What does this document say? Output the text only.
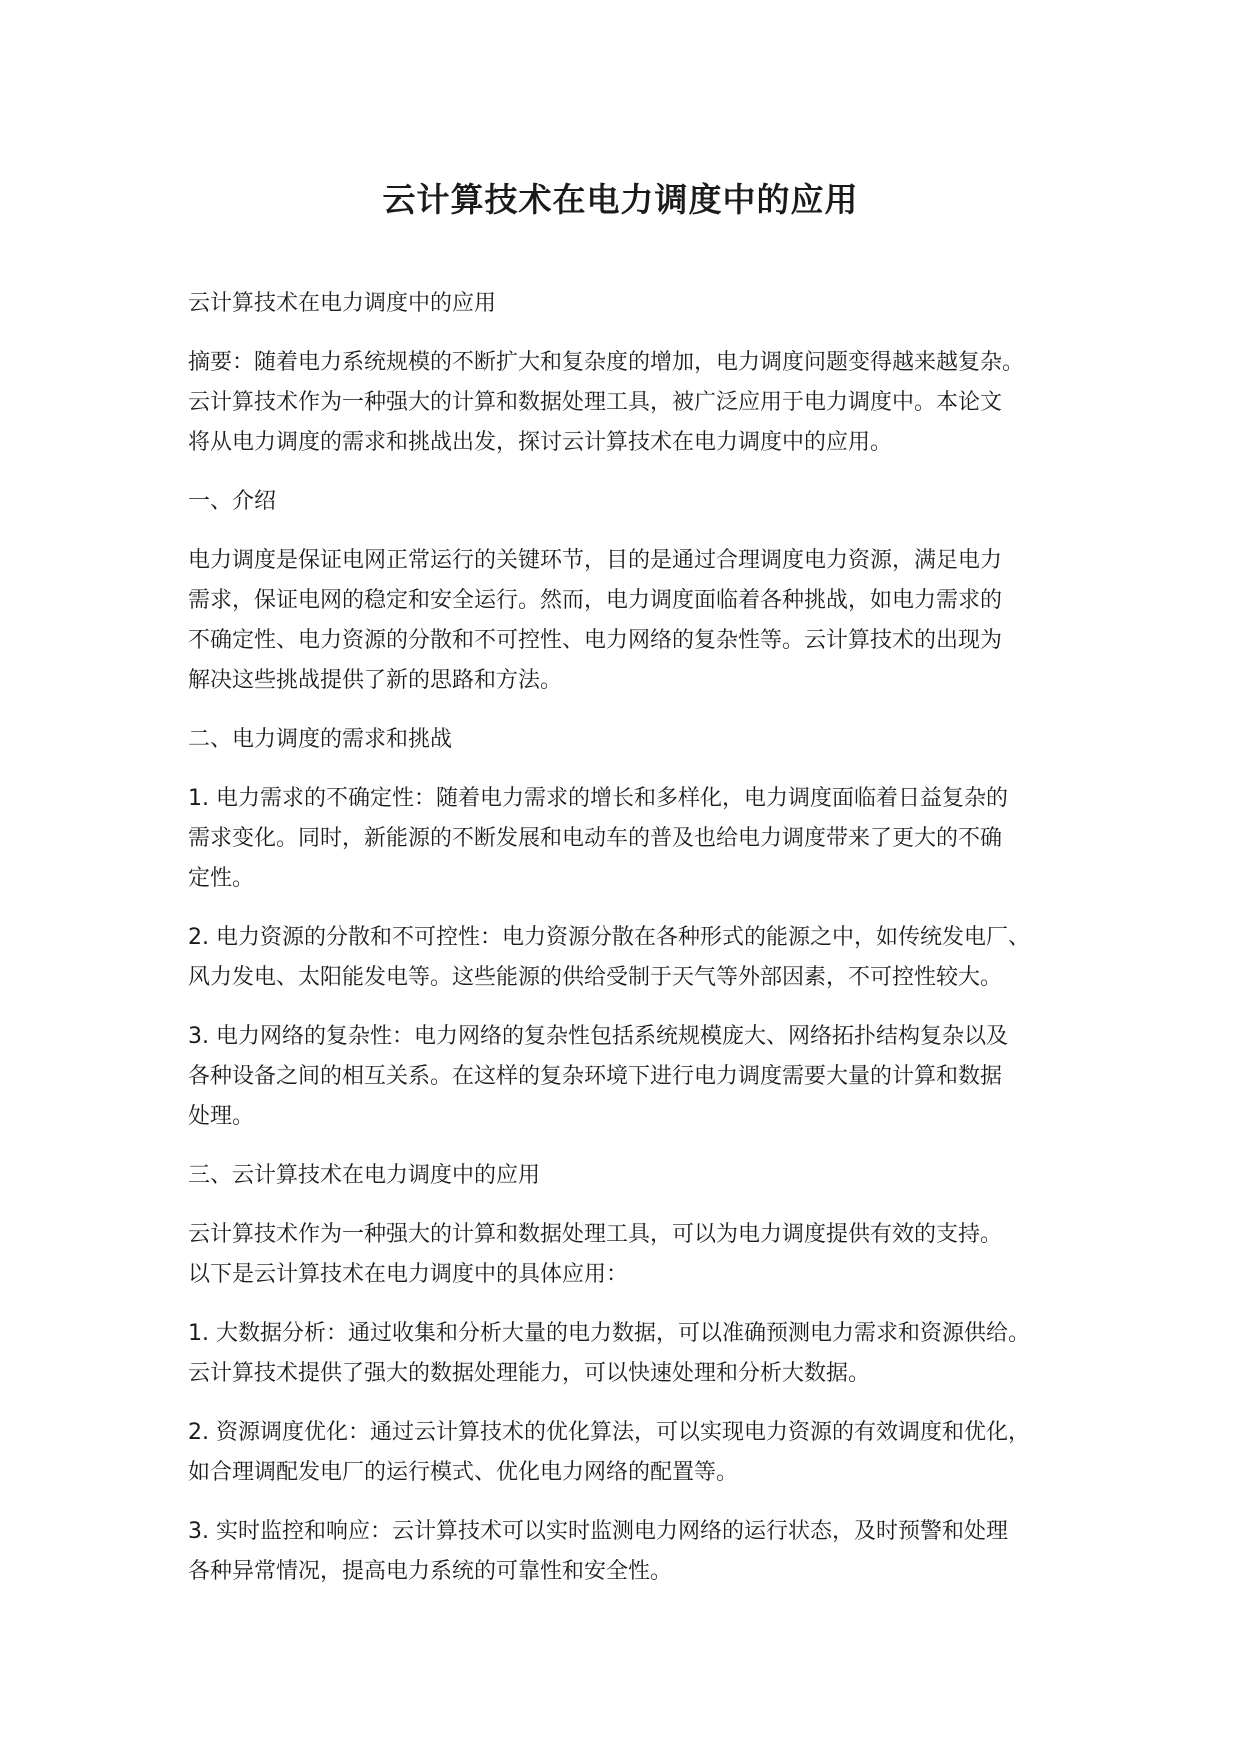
云计算技术在电力调度中的应用

云计算技术在电力调度中的应用

摘要：随着电力系统规模的不断扩大和复杂度的增加，电力调度问题变得越来越复杂。
云计算技术作为一种强大的计算和数据处理工具，被广泛应用于电力调度中。本论文
将从电力调度的需求和挑战出发，探讨云计算技术在电力调度中的应用。

一、介绍

电力调度是保证电网正常运行的关键环节，目的是通过合理调度电力资源，满足电力
需求，保证电网的稳定和安全运行。然而，电力调度面临着各种挑战，如电力需求的
不确定性、电力资源的分散和不可控性、电力网络的复杂性等。云计算技术的出现为
解决这些挑战提供了新的思路和方法。

二、电力调度的需求和挑战

1. 电力需求的不确定性：随着电力需求的增长和多样化，电力调度面临着日益复杂的
需求变化。同时，新能源的不断发展和电动车的普及也给电力调度带来了更大的不确
定性。

2. 电力资源的分散和不可控性：电力资源分散在各种形式的能源之中，如传统发电厂、
风力发电、太阳能发电等。这些能源的供给受制于天气等外部因素，不可控性较大。

3. 电力网络的复杂性：电力网络的复杂性包括系统规模庞大、网络拓扑结构复杂以及
各种设备之间的相互关系。在这样的复杂环境下进行电力调度需要大量的计算和数据
处理。

三、云计算技术在电力调度中的应用

云计算技术作为一种强大的计算和数据处理工具，可以为电力调度提供有效的支持。
以下是云计算技术在电力调度中的具体应用：

1. 大数据分析：通过收集和分析大量的电力数据，可以准确预测电力需求和资源供给。
云计算技术提供了强大的数据处理能力，可以快速处理和分析大数据。

2. 资源调度优化：通过云计算技术的优化算法，可以实现电力资源的有效调度和优化，
如合理调配发电厂的运行模式、优化电力网络的配置等。

3. 实时监控和响应：云计算技术可以实时监测电力网络的运行状态，及时预警和处理
各种异常情况，提高电力系统的可靠性和安全性。
